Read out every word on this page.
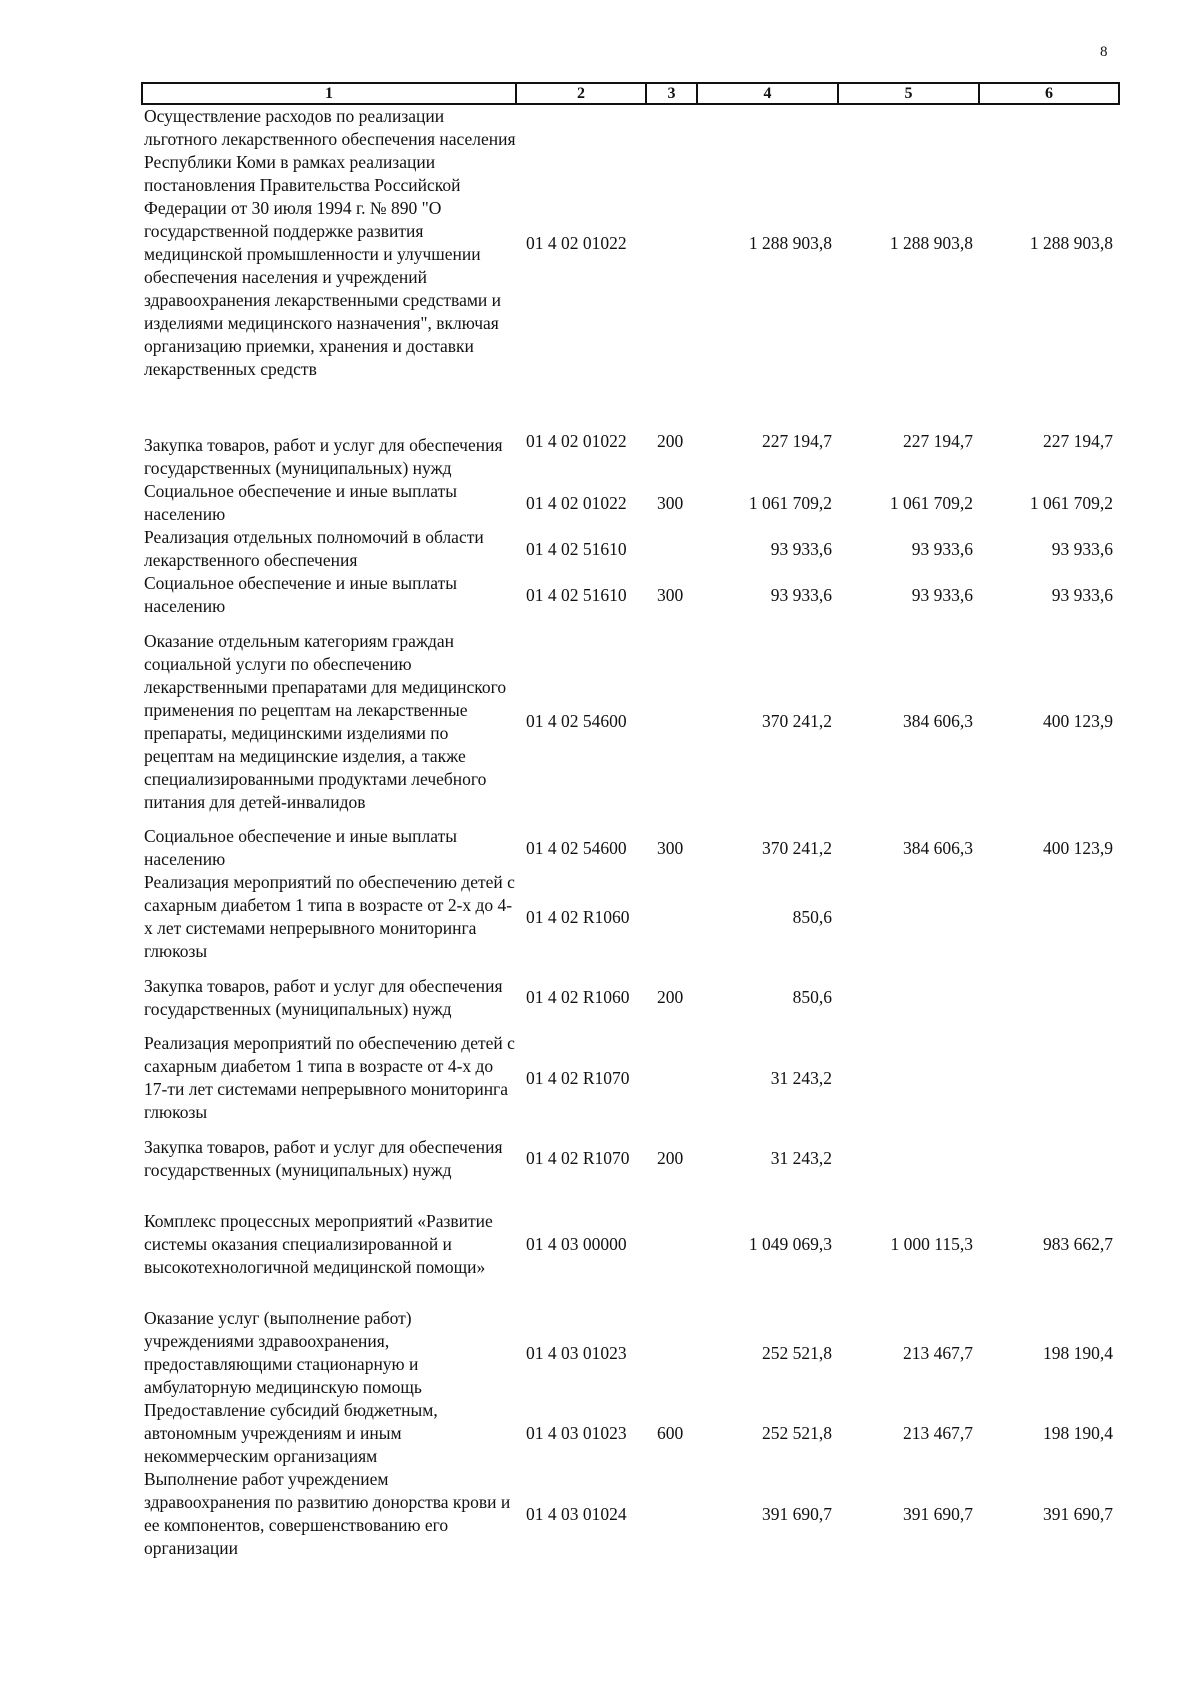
8
1	2	3	4	5	6
Осуществление расходов по реализации льготного лекарственного обеспечения населения Республики Коми в рамках реализации постановления Правительства Российской Федерации от 30 июля 1994 г. № 890 "О государственной поддержке развития медицинской промышленности и улучшении обеспечения населения и учреждений здравоохранения лекарственными средствами и изделиями медицинского назначения", включая организацию приемки, хранения и доставки лекарственных средств	01 4 02 01022		1 288 903,8	1 288 903,8	1 288 903,8
Закупка товаров, работ и услуг для обеспечения государственных (муниципальных) нужд	01 4 02 01022	200	227 194,7	227 194,7	227 194,7
Социальное обеспечение и иные выплаты населению	01 4 02 01022	300	1 061 709,2	1 061 709,2	1 061 709,2
Реализация отдельных полномочий в области лекарственного обеспечения	01 4 02 51610		93 933,6	93 933,6	93 933,6
Социальное обеспечение и иные выплаты населению	01 4 02 51610	300	93 933,6	93 933,6	93 933,6
Оказание отдельным категориям граждан социальной услуги по обеспечению лекарственными препаратами для медицинского применения по рецептам на лекарственные препараты, медицинскими изделиями по рецептам на медицинские изделия, а также специализированными продуктами лечебного питания для детей-инвалидов	01 4 02 54600		370 241,2	384 606,3	400 123,9
Социальное обеспечение и иные выплаты населению	01 4 02 54600	300	370 241,2	384 606,3	400 123,9
Реализация мероприятий по обеспечению детей с сахарным диабетом 1 типа в возрасте от 2-х до 4-х лет системами непрерывного мониторинга глюкозы	01 4 02 R1060		850,6		
Закупка товаров, работ и услуг для обеспечения государственных (муниципальных) нужд	01 4 02 R1060	200	850,6		
Реализация мероприятий по обеспечению детей с сахарным диабетом 1 типа в возрасте от 4-х до 17-ти лет системами непрерывного мониторинга глюкозы	01 4 02 R1070		31 243,2		
Закупка товаров, работ и услуг для обеспечения государственных (муниципальных) нужд	01 4 02 R1070	200	31 243,2		
Комплекс процессных мероприятий «Развитие системы оказания специализированной и высокотехнологичной медицинской помощи»	01 4 03 00000		1 049 069,3	1 000 115,3	983 662,7
Оказание услуг (выполнение работ) учреждениями здравоохранения, предоставляющими стационарную и амбулаторную медицинскую помощь	01 4 03 01023		252 521,8	213 467,7	198 190,4
Предоставление субсидий бюджетным, автономным учреждениям и иным некоммерческим организациям	01 4 03 01023	600	252 521,8	213 467,7	198 190,4
Выполнение работ учреждением здравоохранения по развитию донорства крови и ее компонентов, совершенствованию его организации	01 4 03 01024		391 690,7	391 690,7	391 690,7
